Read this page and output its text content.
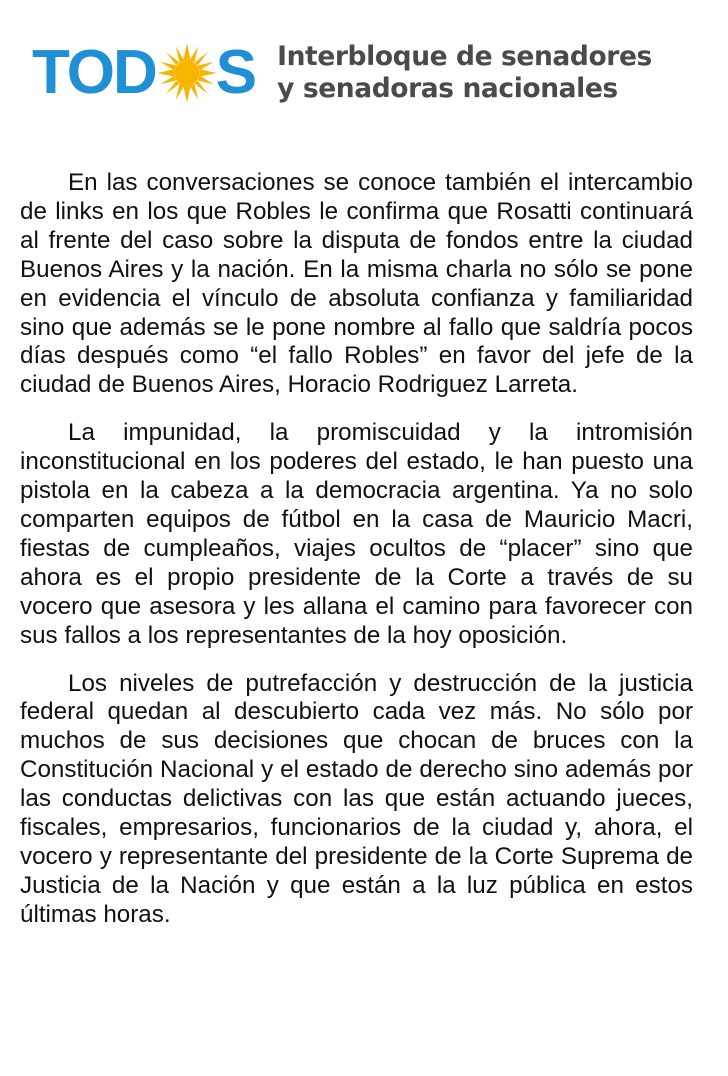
TOD S Interbloque de senadores
y senadoras nacionales

En las conversaciones se conoce también el intercambio de links en los que Robles le confirma que Rosatti continuará al frente del caso sobre la disputa de fondos entre la ciudad Buenos Aires y la nación. En la misma charla no sólo se pone en evidencia el vínculo de absoluta confianza y familiaridad sino que además se le pone nombre al fallo que saldría pocos días después como “el fallo Robles” en favor del jefe de la ciudad de Buenos Aires, Horacio Rodriguez Larreta.

La impunidad, la promiscuidad y la intromisión inconstitucional en los poderes del estado, le han puesto una pistola en la cabeza a la democracia argentina. Ya no solo comparten equipos de fútbol en la casa de Mauricio Macri, fiestas de cumpleaños, viajes ocultos de “placer” sino que ahora es el propio presidente de la Corte a través de su vocero que asesora y les allana el camino para favorecer con sus fallos a los representantes de la hoy oposición.

Los niveles de putrefacción y destrucción de la justicia federal quedan al descubierto cada vez más. No sólo por muchos de sus decisiones que chocan de bruces con la Constitución Nacional y el estado de derecho sino además por las conductas delictivas con las que están actuando jueces, fiscales, empresarios, funcionarios de la ciudad y, ahora, el vocero y representante del presidente de la Corte Suprema de Justicia de la Nación y que están a la luz pública en estos últimas horas.
